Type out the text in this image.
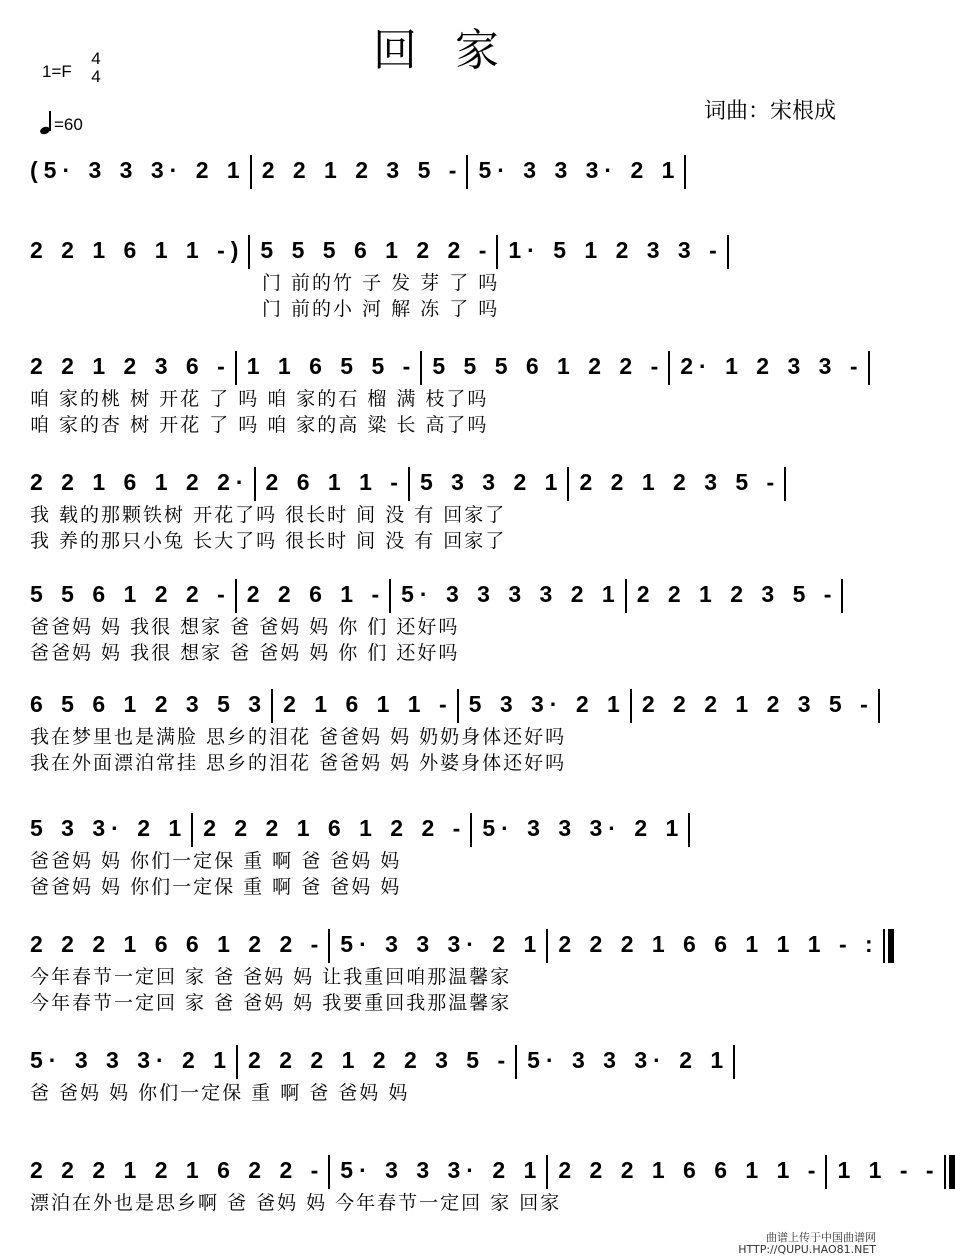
回 家
1=F
4
4
=60
词曲：宋根成
(5· 3 3 3· 2 1 2 2 1 2 3 5 - 5· 3 3 3· 2 1
2 2 1 6 1 1 -) 5 5 5 6 1 2 2 - 1· 5 1 2 3 3 -
门 前的竹 子 发 芽 了 吗
门 前的小 河 解 冻 了 吗
2 2 1 2 3 6 - 1 1 6 5 5 - 5 5 5 6 1 2 2 - 2· 1 2 3 3 -
咱 家的桃 树 开花 了 吗 咱 家的石 榴 满 枝了吗
咱 家的杏 树 开花 了 吗 咱 家的高 粱 长 高了吗
2 2 1 6 1 2 2· 2 6 1 1 - 5 3 3 2 1 2 2 1 2 3 5 -
我 载的那颗铁树 开花了吗 很长时 间 没 有 回家了
我 养的那只小兔 长大了吗 很长时 间 没 有 回家了
5 5 6 1 2 2 - 2 2 6 1 - 5· 3 3 3 3 2 1 2 2 1 2 3 5 -
爸爸妈 妈 我很 想家 爸 爸妈 妈 你 们 还好吗
爸爸妈 妈 我很 想家 爸 爸妈 妈 你 们 还好吗
6 5 6 1 2 3 5 3 2 1 6 1 1 - 5 3 3· 2 1 2 2 2 1 2 3 5 -
我在梦里也是满脸 思乡的泪花 爸爸妈 妈 奶奶身体还好吗
我在外面漂泊常挂 思乡的泪花 爸爸妈 妈 外婆身体还好吗
5 3 3· 2 1 2 2 2 1 6 1 2 2 - 5· 3 3 3· 2 1
爸爸妈 妈 你们一定保 重 啊 爸 爸妈 妈
爸爸妈 妈 你们一定保 重 啊 爸 爸妈 妈
2 2 2 1 6 6 1 2 2 - 5· 3 3 3· 2 1 2 2 2 1 6 6 1 1 1 - :
今年春节一定回 家 爸 爸妈 妈 让我重回咱那温馨家
今年春节一定回 家 爸 爸妈 妈 我要重回我那温馨家
5· 3 3 3· 2 1 2 2 2 1 2 2 3 5 - 5· 3 3 3· 2 1
爸 爸妈 妈 你们一定保 重 啊 爸 爸妈 妈
2 2 2 1 2 1 6 2 2 - 5· 3 3 3· 2 1 2 2 2 1 6 6 1 1 - 1 1 - -
漂泊在外也是思乡啊 爸 爸妈 妈 今年春节一定回 家 回家
曲谱上传于中国曲谱网
HTTP://QUPU.HAO81.NET
